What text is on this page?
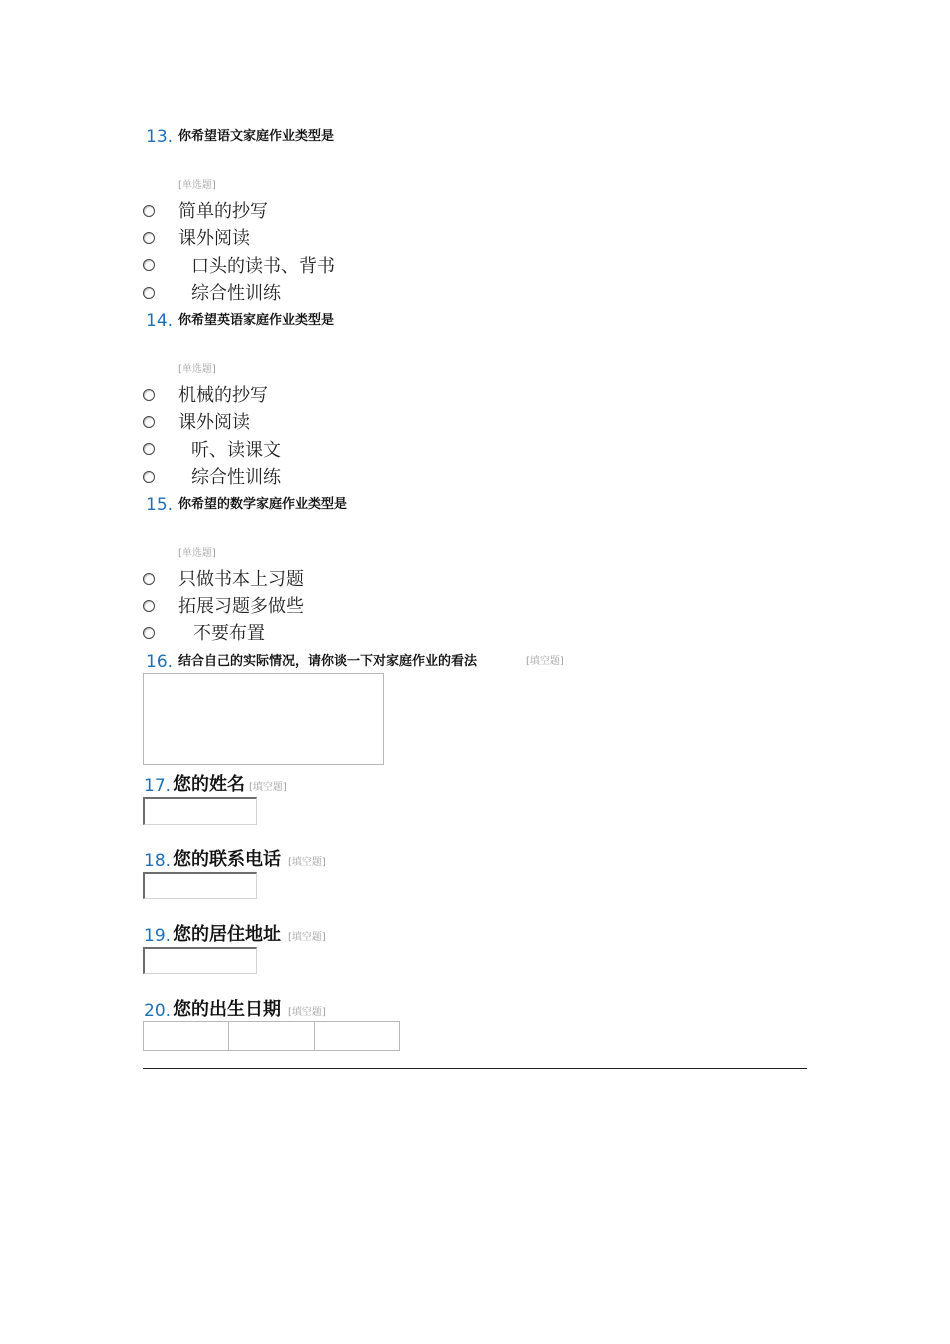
13. 你希望语文家庭作业类型是
[单选题]
简单的抄写
课外阅读
口头的读书、背书
综合性训练
14. 你希望英语家庭作业类型是
[单选题]
机械的抄写
课外阅读
听、读课文
综合性训练
15. 你希望的数学家庭作业类型是
[单选题]
只做书本上习题
拓展习题多做些
不要布置
16. 结合自己的实际情况，请你谈一下对家庭作业的看法	[填空题]
17. 您的姓名 [填空题]
18. 您的联系电话 [填空题]
19. 您的居住地址 [填空题]
20. 您的出生日期 [填空题]
